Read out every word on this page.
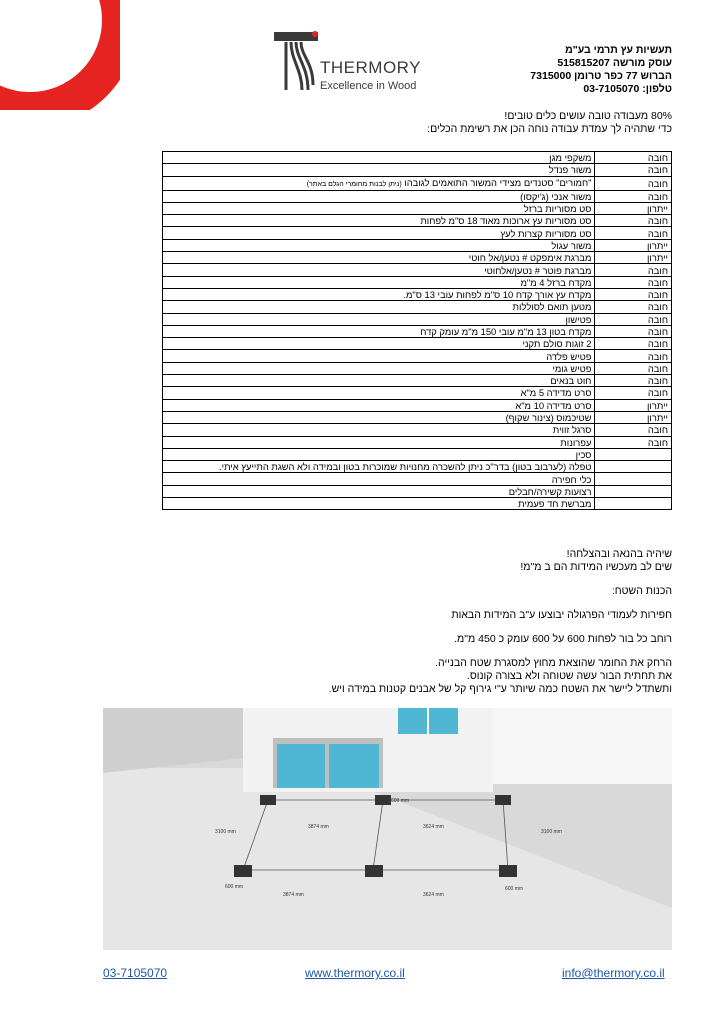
THERMORY
Excellence in Wood
תעשיות עץ תרמי בע"מ
עוסק מורשה 515815207
הברוש 77 כפר טרומן 7315000
טלפון: 03-7105070
80% מעבודה טובה עושים כלים טובים!
כדי שתהיה לך עמדת עבודה נוחה הכן את רשימת הכלים:
משקפי מגן	חובה
משור פנדל	חובה
"חמורים" סטנדים מצידי המשור התואמים לגובהו (ניתן לבנות מחומרי הגלם באתר)	חובה
משור אנכי (ג'יקסו)	חובה
סט מסוריות ברזל	ייתרון
סט מסוריות עץ ארוכות מאוד 18 ס"מ לפחות	חובה
סט מסוריות קצרות לעץ	חובה
משור עגול	ייתרון
מברגת אימפקט # נטען/אל חוטי	ייתרון
מברגת פוטר # נטען/אלחוטי	חובה
מקדח ברזל 4 מ"מ	חובה
מקדח עץ אורך קדח 10 ס"מ לפחות עובי 13 ס"מ.	חובה
מטען תואם לסוללות	חובה
פטישון	חובה
מקדח בטון 13 מ"מ עובי 150 מ"מ עומק קדח	חובה
2 זוגות סולם תקני	חובה
פטיש פלדה	חובה
פטיש גומי	חובה
חוט בנאים	חובה
סרט מדידה 5 מ"א	חובה
סרט מדידה 10 מ"א	ייתרון
שטיכמוס (צינור שקוף)	ייתרון
סרגל זווית	חובה
עפרונות	חובה
סכין	
טפלה (לערבוב בטון) בדר"כ ניתן להשכרה מחנויות שמוכרות בטון ובמידה ולא השגת התייעץ איתי.	
כלי חפירה	
רצועות קשירה/חבלים	
מברשת חד פעמית	

שיהיה בהנאה ובהצלחה!

שים לב מעכשיו המידות הם ב מ"מ!

הכנות השטח:

חפירות לעמודי הפרגולה יבוצעו ע"ב המידות הבאות

רוחב כל בור לפחות 600 על 600 עומק כ 450 מ"מ.

הרחק את החומר שהוצאת מחוץ למסגרת שטח הבנייה.

את תחתית הבור עשה שטוחה ולא בצורה קונוס.

ותשתדל ליישר את השטח כמה שיותר ע"י גירוף קל של אבנים קטנות במידה ויש.

3874 mm	3624 mm
3874 mm	3624 mm
3100 mm	3100 mm
600 mm
600 mm	600 mm
03-7105070	www.thermory.co.il	info@thermory.co.il
